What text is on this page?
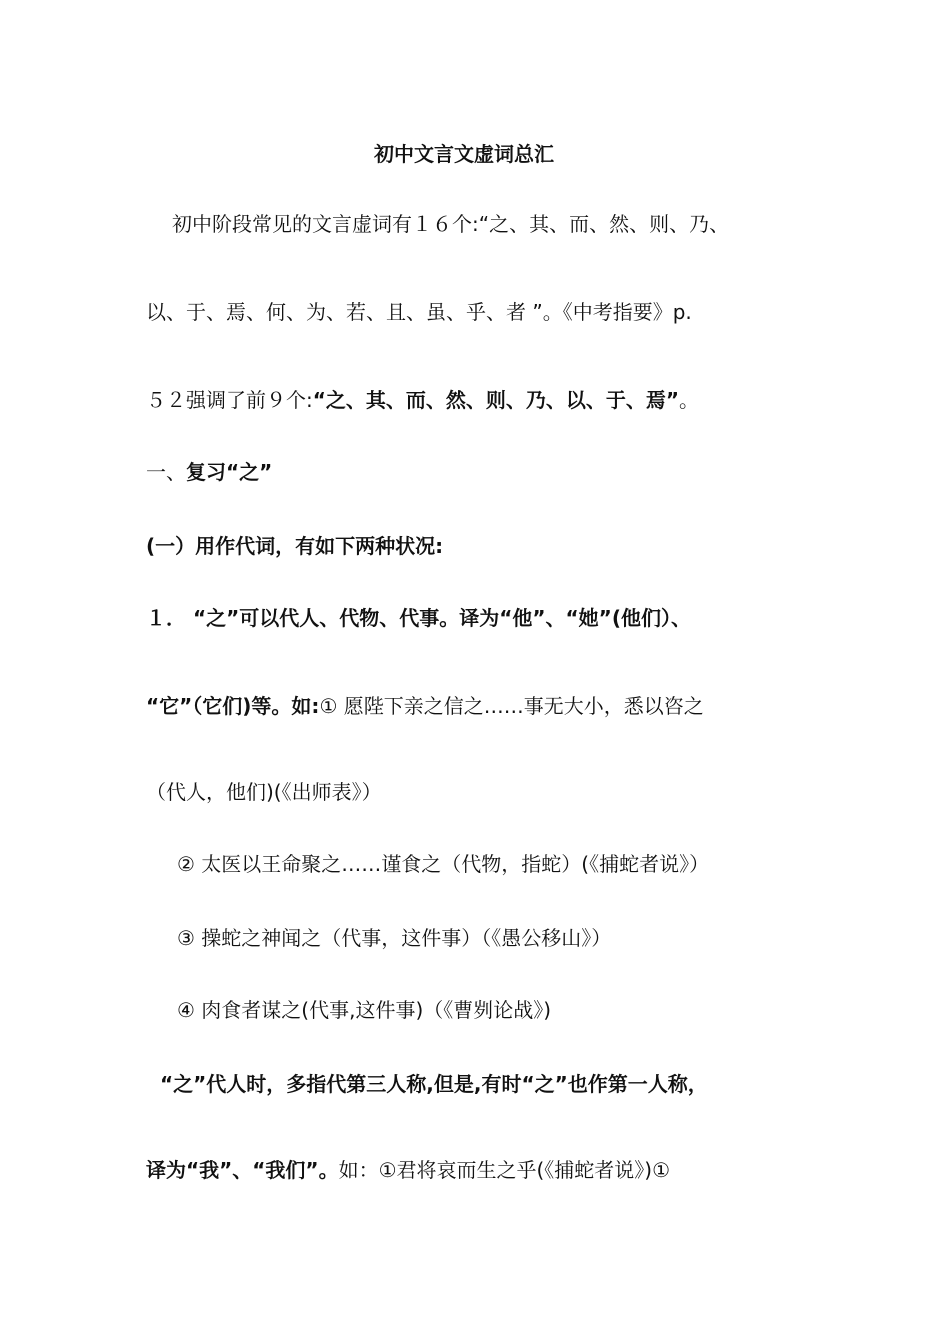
初中文言文虚词总汇
初中阶段常见的文言虚词有１６个:“之、其、而、然、则、乃、
以、于、焉、何、为、若、且、虽、乎、者 ”。《中考指要》p.
５２强调了前９个:“之、其、而、然、则、乃、以、于、焉”。
一、复习“之”
(一）用作代词，有如下两种状况:
１． “之”可以代人、代物、代事。译为“他”、“她”(他们）、
“它”（它们)等。如:① 愿陛下亲之信之……事无大小，悉以咨之
（代人，他们)(《出师表》）
② 太医以王命聚之……谨食之（代物，指蛇）(《捕蛇者说》）
③ 操蛇之神闻之（代事，这件事）（《愚公移山》）
④ 肉食者谋之(代事,这件事)（《曹刿论战》)
“之”代人时，多指代第三人称,但是,有时“之”也作第一人称，
译为“我”、“我们”。如：①君将哀而生之乎(《捕蛇者说》)①
